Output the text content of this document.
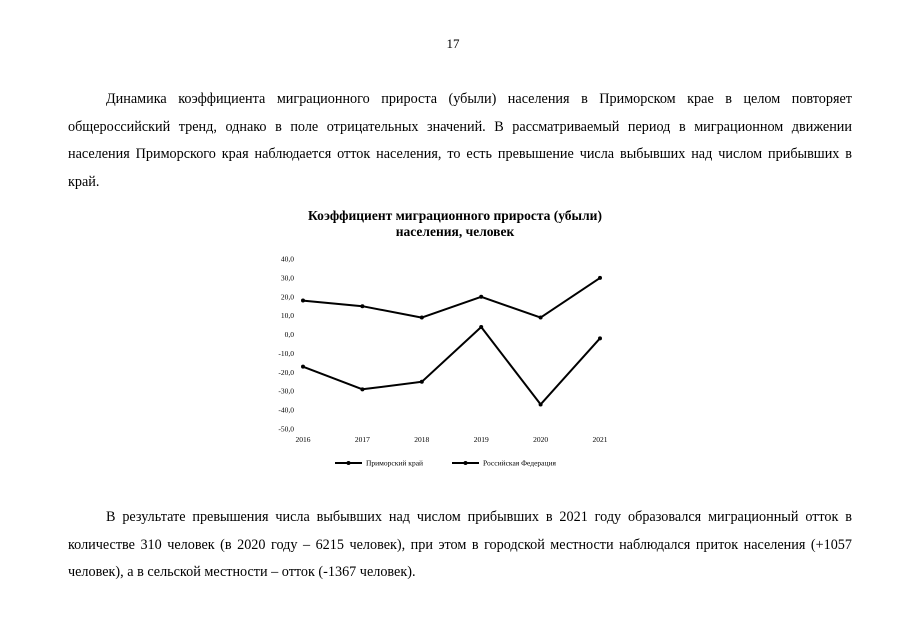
17

Динамика коэффициента миграционного прироста (убыли) населения в Приморском крае в целом повторяет общероссийский тренд, однако в поле отрицательных значений. В рассматриваемый период в миграционном движении населения Приморского края наблюдается отток населения, то есть превышение числа выбывших над числом прибывших в край.

Коэффициент миграционного прироста (убыли)
населения, человек
40,0
30,0
20,0
10,0
0,0
-10,0
-20,0
-30,0
-40,0
-50,0
2016	2017	2018	2019	2020	2021
Приморский край	Российская Федерация

В результате превышения числа выбывших над числом прибывших в 2021 году образовался миграционный отток в количестве 310 человек (в 2020 году – 6215 человек), при этом в городской местности наблюдался приток населения (+1057 человек), а в сельской местности – отток (-1367 человек).
